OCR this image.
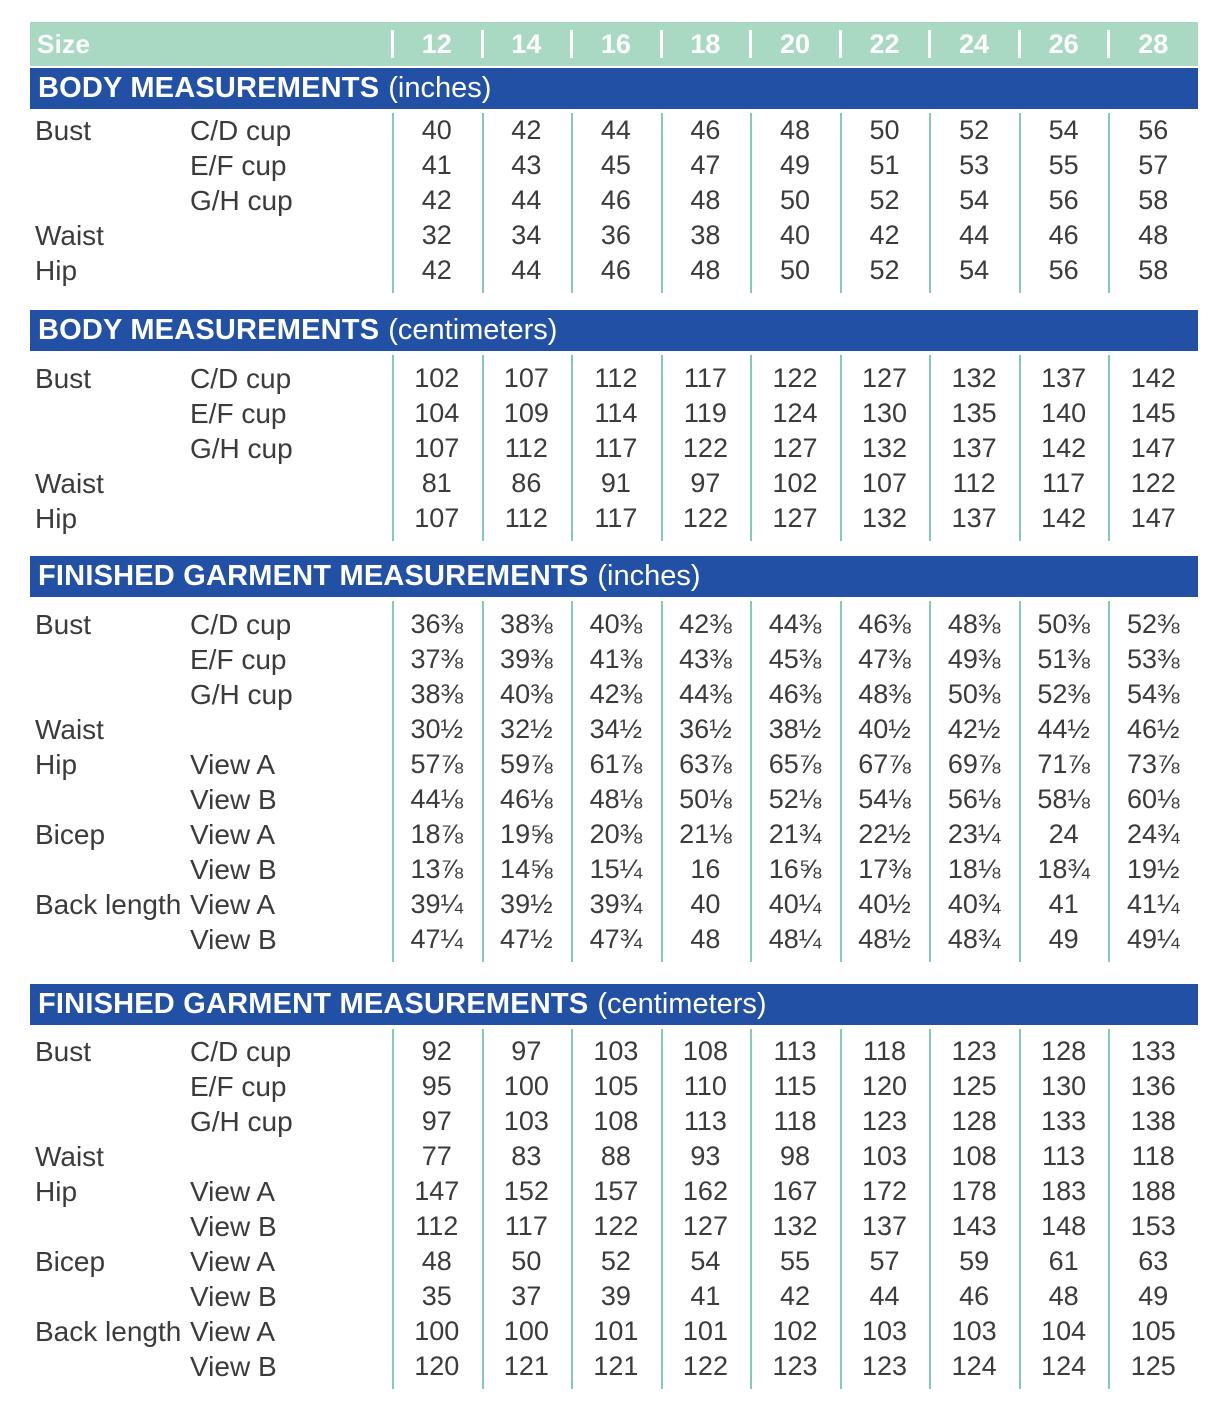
Size	12	14	16	18	20	22	24	26	28
BODY MEASUREMENTS (inches)
Bust	C/D cup	40	42	44	46	48	50	52	54	56
E/F cup	41	43	45	47	49	51	53	55	57
G/H cup	42	44	46	48	50	52	54	56	58
Waist	32	34	36	38	40	42	44	46	48
Hip	42	44	46	48	50	52	54	56	58
BODY MEASUREMENTS (centimeters)
Bust	C/D cup	102	107	112	117	122	127	132	137	142
E/F cup	104	109	114	119	124	130	135	140	145
G/H cup	107	112	117	122	127	132	137	142	147
Waist	81	86	91	97	102	107	112	117	122
Hip	107	112	117	122	127	132	137	142	147
FINISHED GARMENT MEASUREMENTS (inches)
Bust	C/D cup	36⅜	38⅜	40⅜	42⅜	44⅜	46⅜	48⅜	50⅜	52⅜
E/F cup	37⅜	39⅜	41⅜	43⅜	45⅜	47⅜	49⅜	51⅜	53⅜
G/H cup	38⅜	40⅜	42⅜	44⅜	46⅜	48⅜	50⅜	52⅜	54⅜
Waist	30½	32½	34½	36½	38½	40½	42½	44½	46½
Hip	View A	57⅞	59⅞	61⅞	63⅞	65⅞	67⅞	69⅞	71⅞	73⅞
View B	44⅛	46⅛	48⅛	50⅛	52⅛	54⅛	56⅛	58⅛	60⅛
Bicep	View A	18⅞	19⅝	20⅜	21⅛	21¾	22½	23¼	24	24¾
View B	13⅞	14⅝	15¼	16	16⅝	17⅜	18⅛	18¾	19½
Back length View A	39¼	39½	39¾	40	40¼	40½	40¾	41	41¼
View B	47¼	47½	47¾	48	48¼	48½	48¾	49	49¼
FINISHED GARMENT MEASUREMENTS (centimeters)
Bust	C/D cup	92	97	103	108	113	118	123	128	133
E/F cup	95	100	105	110	115	120	125	130	136
G/H cup	97	103	108	113	118	123	128	133	138
Waist	77	83	88	93	98	103	108	113	118
Hip	View A	147	152	157	162	167	172	178	183	188
View B	112	117	122	127	132	137	143	148	153
Bicep	View A	48	50	52	54	55	57	59	61	63
View B	35	37	39	41	42	44	46	48	49
Back length View A	100	100	101	101	102	103	103	104	105
View B	120	121	121	122	123	123	124	124	125
